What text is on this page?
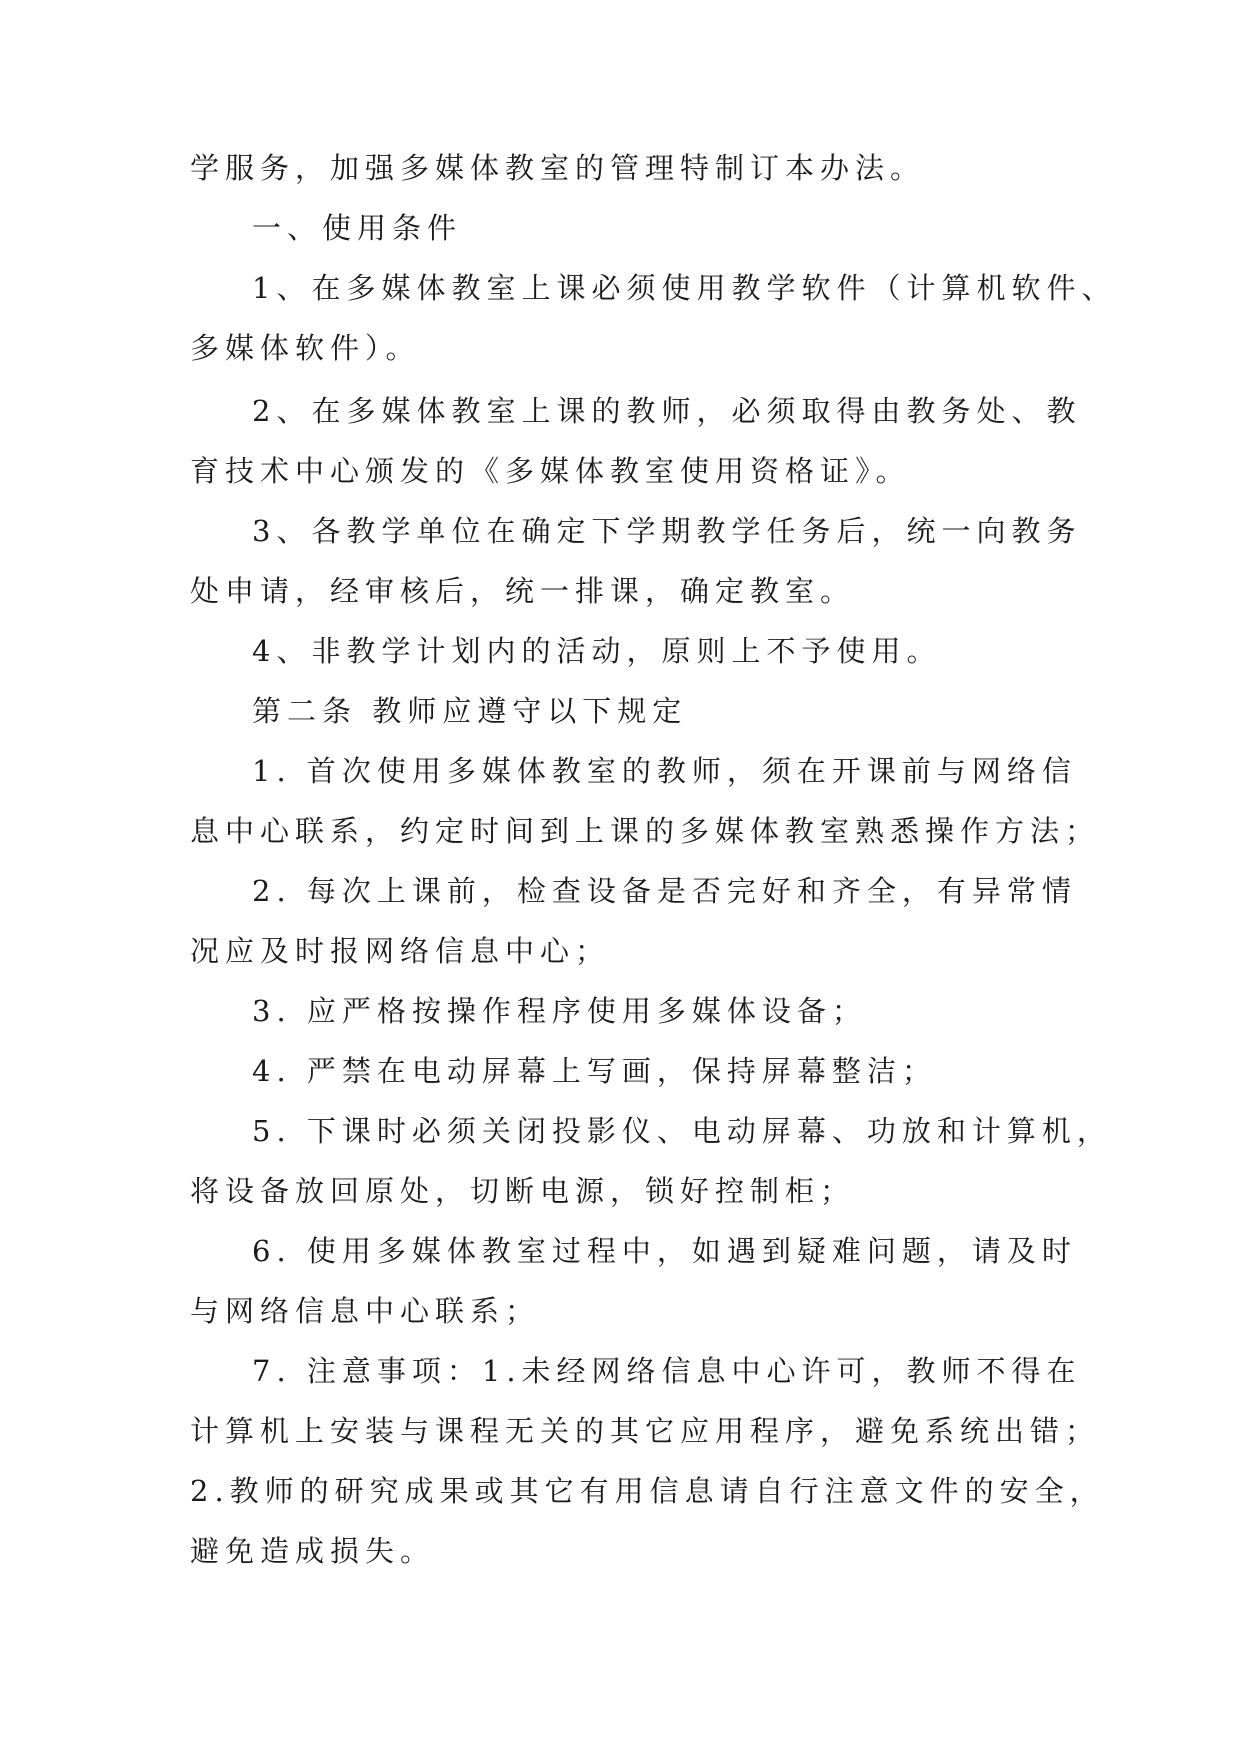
学服务，加强多媒体教室的管理特制订本办法。
一、使用条件
1、在多媒体教室上课必须使用教学软件（计算机软件、
多媒体软件）。
2、在多媒体教室上课的教师，必须取得由教务处、教
育技术中心颁发的《多媒体教室使用资格证》。
3、各教学单位在确定下学期教学任务后，统一向教务
处申请，经审核后，统一排课，确定教室。
4、非教学计划内的活动，原则上不予使用。
第二条 教师应遵守以下规定
1. 首次使用多媒体教室的教师，须在开课前与网络信
息中心联系，约定时间到上课的多媒体教室熟悉操作方法；
2. 每次上课前，检查设备是否完好和齐全，有异常情
况应及时报网络信息中心；
3. 应严格按操作程序使用多媒体设备；
4. 严禁在电动屏幕上写画，保持屏幕整洁；
5. 下课时必须关闭投影仪、电动屏幕、功放和计算机，
将设备放回原处，切断电源，锁好控制柜；
6. 使用多媒体教室过程中，如遇到疑难问题，请及时
与网络信息中心联系；
7. 注意事项：1.未经网络信息中心许可，教师不得在
计算机上安装与课程无关的其它应用程序，避免系统出错；
2.教师的研究成果或其它有用信息请自行注意文件的安全，
避免造成损失。
